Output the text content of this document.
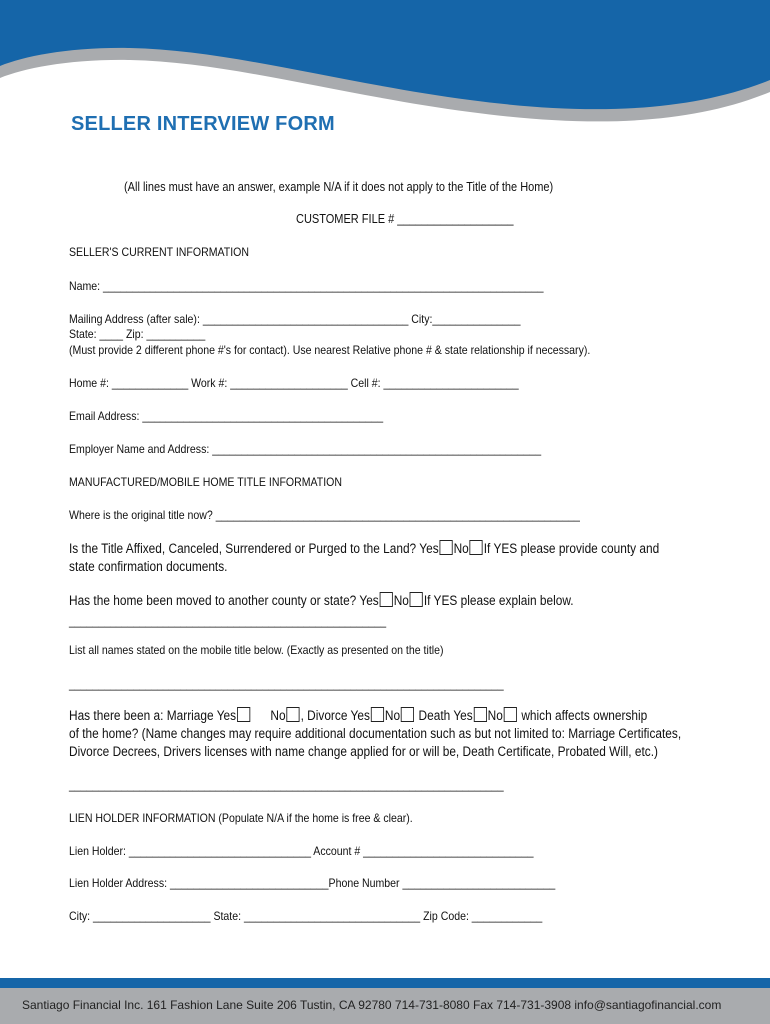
SELLER INTERVIEW FORM
(All lines must have an answer, example N/A if it does not apply to the Title of the Home)
CUSTOMER FILE # ___________________
SELLER'S CURRENT INFORMATION
Name: ___________________________________________________________________________
Mailing Address (after sale): ___________________________________ City:_______________
State: ____ Zip: __________
(Must provide 2 different phone #'s for contact). Use nearest Relative phone # & state relationship if necessary).
Home #: _____________ Work #: ____________________ Cell #: _______________________
Email Address: _________________________________________
Employer Name and Address: ________________________________________________________
MANUFACTURED/MOBILE HOME TITLE INFORMATION
Where is the original title now? ______________________________________________________________
Is the Title Affixed, Canceled, Surrendered or Purged to the Land? Yes No If YES please provide county and
state confirmation documents.
Has the home been moved to another county or state? Yes No If YES please explain below.
______________________________________________________
List all names stated on the mobile title below. (Exactly as presented on the title)
__________________________________________________________________________
Has there been a: Marriage Yes	No , Divorce Yes No Death Yes No which affects ownership
of the home? (Name changes may require additional documentation such as but not limited to: Marriage Certificates,
Divorce Decrees, Drivers licenses with name change applied for or will be, Death Certificate, Probated Will, etc.)
__________________________________________________________________________
LIEN HOLDER INFORMATION (Populate N/A if the home is free & clear).
Lien Holder: _______________________________ Account # _____________________________
Lien Holder Address: ___________________________Phone Number __________________________
City: ____________________ State: ______________________________ Zip Code: ____________
Santiago Financial Inc. 161 Fashion Lane Suite 206 Tustin, CA 92780 714-731-8080 Fax 714-731-3908 info@santiagofinancial.com
